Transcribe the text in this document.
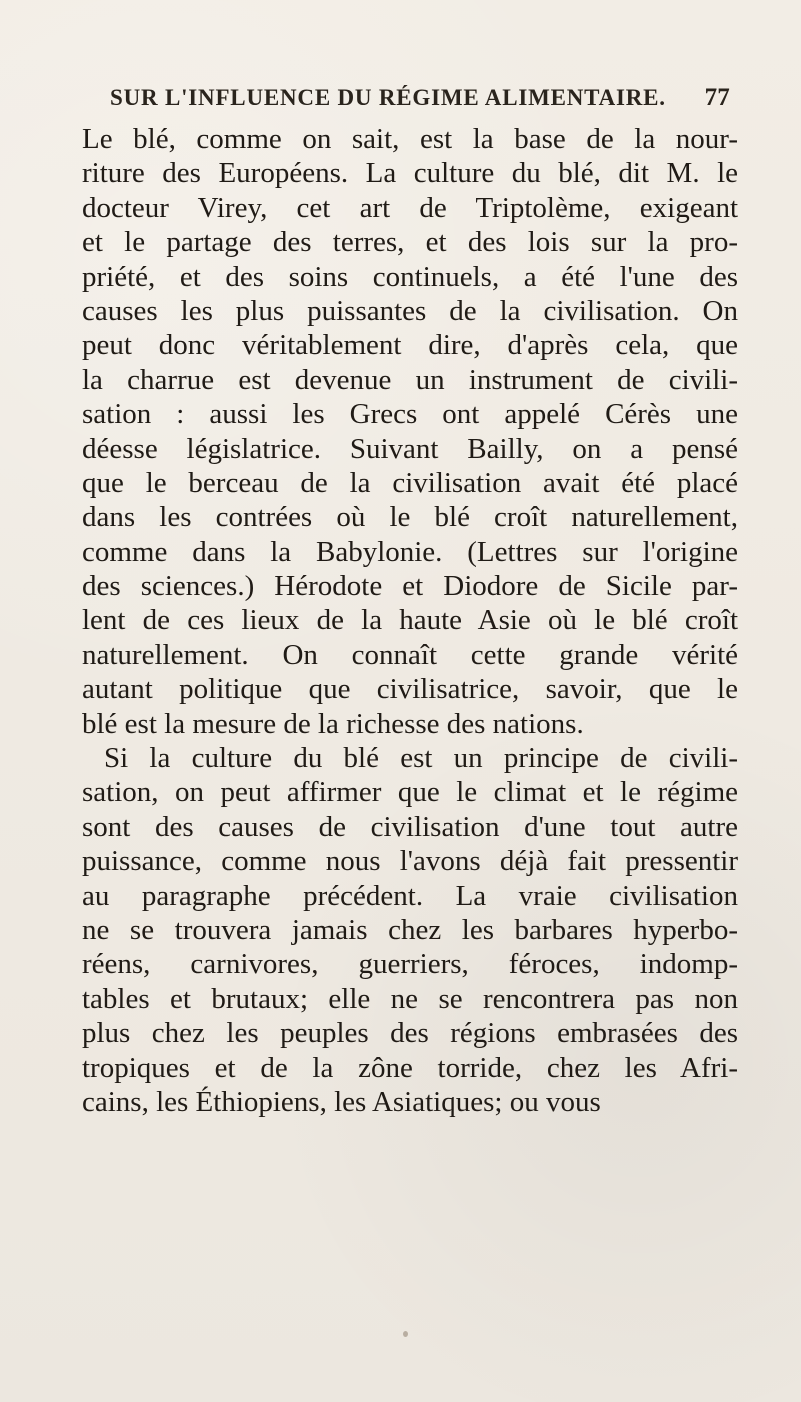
SUR L'INFLUENCE DU RÉGIME ALIMENTAIRE. 77
Le blé, comme on sait, est la base de la nour-
riture des Européens. La culture du blé, dit M. le
docteur Virey, cet art de Triptolème, exigeant
et le partage des terres, et des lois sur la pro-
priété, et des soins continuels, a été l'une des
causes les plus puissantes de la civilisation. On
peut donc véritablement dire, d'après cela, que
la charrue est devenue un instrument de civili-
sation : aussi les Grecs ont appelé Cérès une
déesse législatrice. Suivant Bailly, on a pensé
que le berceau de la civilisation avait été placé
dans les contrées où le blé croît naturellement,
comme dans la Babylonie. (Lettres sur l'origine
des sciences.) Hérodote et Diodore de Sicile par-
lent de ces lieux de la haute Asie où le blé croît
naturellement. On connaît cette grande vérité
autant politique que civilisatrice, savoir, que le
blé est la mesure de la richesse des nations.
Si la culture du blé est un principe de civili-
sation, on peut affirmer que le climat et le régime
sont des causes de civilisation d'une tout autre
puissance, comme nous l'avons déjà fait pressentir
au paragraphe précédent. La vraie civilisation
ne se trouvera jamais chez les barbares hyperbo-
réens, carnivores, guerriers, féroces, indomp-
tables et brutaux; elle ne se rencontrera pas non
plus chez les peuples des régions embrasées des
tropiques et de la zône torride, chez les Afri-
cains, les Éthiopiens, les Asiatiques; ou vous
